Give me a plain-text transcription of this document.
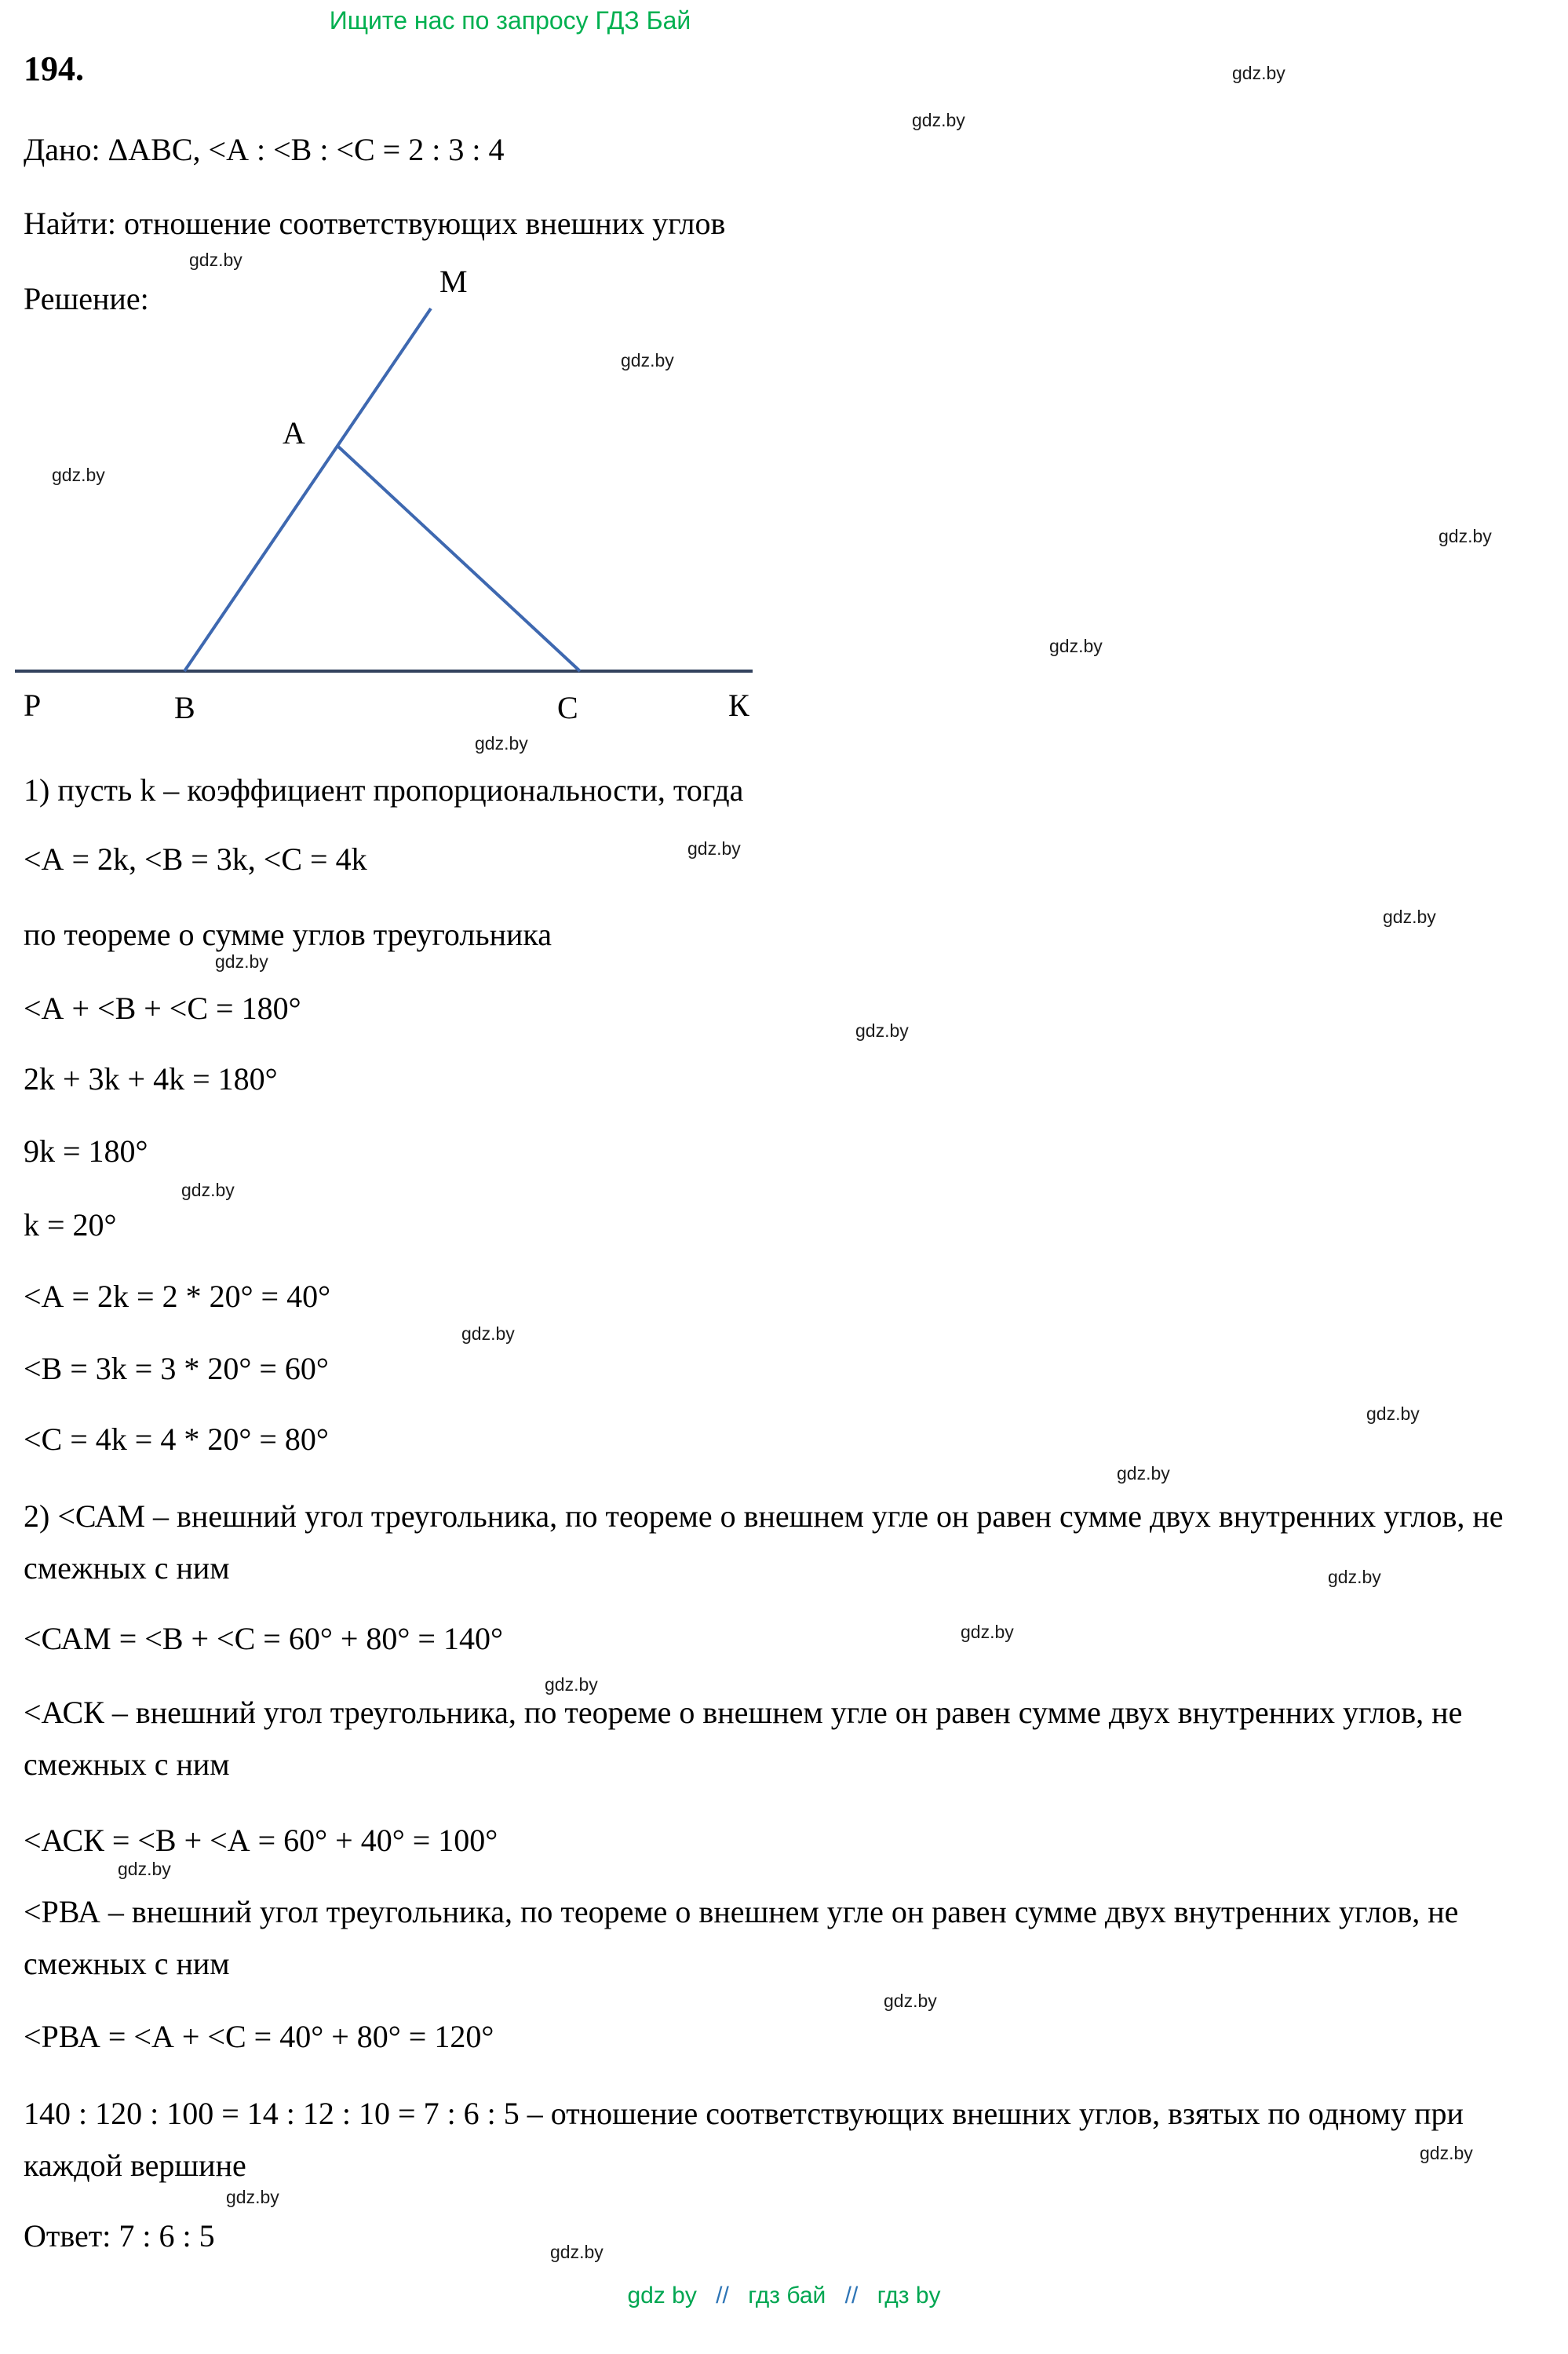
Ищите нас по запросу ГДЗ Бай
194.
Дано: ΔАВС, <А : <В : <С = 2 : 3 : 4
Найти: отношение соответствующих внешних углов
Решение:	М
А
Р	В	С	К
1) пусть k – коэффициент пропорциональности, тогда
<А = 2k, <В = 3k, <С = 4k
по теореме о сумме углов треугольника
<А + <В + <С = 180°
2k + 3k + 4k = 180°
9k = 180°
k = 20°
<А = 2k = 2 * 20° = 40°
<В = 3k = 3 * 20° = 60°
<С = 4k = 4 * 20° = 80°
2) <САМ – внешний угол треугольника, по теореме о внешнем угле он равен сумме двух внутренних углов, не смежных с ним
<САМ = <В + <С = 60° + 80° = 140°
<АСК – внешний угол треугольника, по теореме о внешнем угле он равен сумме двух внутренних углов, не смежных с ним
<АСК = <В + <А = 60° + 40° = 100°
<РВА – внешний угол треугольника, по теореме о внешнем угле он равен сумме двух внутренних углов, не смежных с ним
<РВА = <А + <С = 40° + 80° = 120°
140 : 120 : 100 = 14 : 12 : 10 = 7 : 6 : 5 – отношение соответствующих внешних углов, взятых по одному при каждой вершине
Ответ: 7 : 6 : 5
gdz.by
gdz.by
gdz.by
gdz.by
gdz.by
gdz.by
gdz.by
gdz.by
gdz.by
gdz.by
gdz.by
gdz.by
gdz.by
gdz.by
gdz.by
gdz.by
gdz.by
gdz.by
gdz.by
gdz.by
gdz.by
gdz.by
gdz.by
gdz.by
gdz by // гдз бай // гдз by
